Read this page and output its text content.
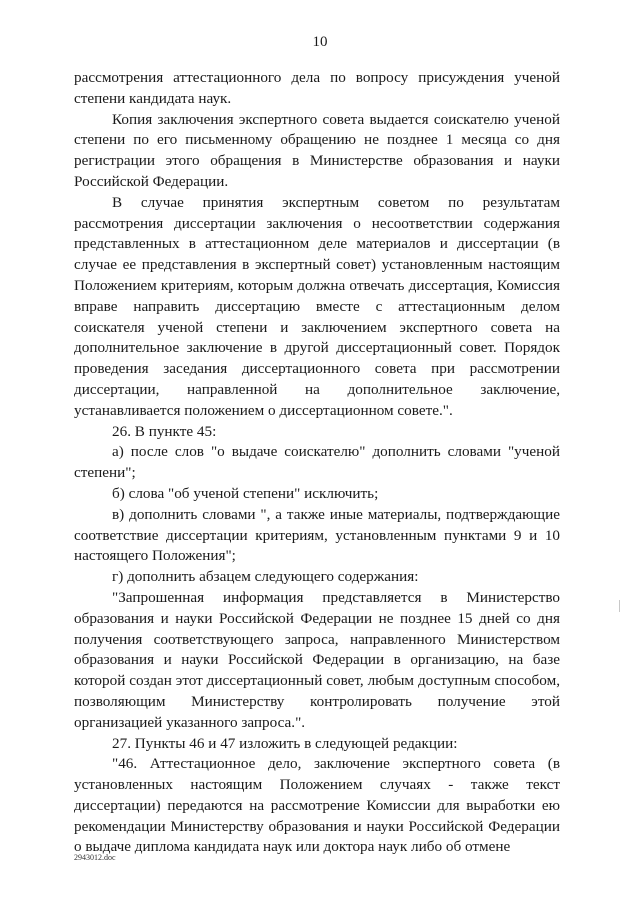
10

рассмотрения аттестационного дела по вопросу присуждения ученой степени кандидата наук.

Копия заключения экспертного совета выдается соискателю ученой степени по его письменному обращению не позднее 1 месяца со дня регистрации этого обращения в Министерстве образования и науки Российской Федерации.

В случае принятия экспертным советом по результатам рассмотрения диссертации заключения о несоответствии содержания представленных в аттестационном деле материалов и диссертации (в случае ее представления в экспертный совет) установленным настоящим Положением критериям, которым должна отвечать диссертация, Комиссия вправе направить диссертацию вместе с аттестационным делом соискателя ученой степени и заключением экспертного совета на дополнительное заключение в другой диссертационный совет. Порядок проведения заседания диссертационного совета при рассмотрении диссертации, направленной на дополнительное заключение, устанавливается положением о диссертационном совете.".

26. В пункте 45:

а) после слов "о выдаче соискателю" дополнить словами "ученой степени";

б) слова "об ученой степени" исключить;

в) дополнить словами ", а также иные материалы, подтверждающие соответствие диссертации критериям, установленным пунктами 9 и 10 настоящего Положения";

г) дополнить абзацем следующего содержания:

"Запрошенная информация представляется в Министерство образования и науки Российской Федерации не позднее 15 дней со дня получения соответствующего запроса, направленного Министерством образования и науки Российской Федерации в организацию, на базе которой создан этот диссертационный совет, любым доступным способом, позволяющим Министерству контролировать получение этой организацией указанного запроса.".

27. Пункты 46 и 47 изложить в следующей редакции:

"46. Аттестационное дело, заключение экспертного совета (в установленных настоящим Положением случаях - также текст диссертации) передаются на рассмотрение Комиссии для выработки ею рекомендации Министерству образования и науки Российской Федерации о выдаче диплома кандидата наук или доктора наук либо об отмене

2943012.doc
